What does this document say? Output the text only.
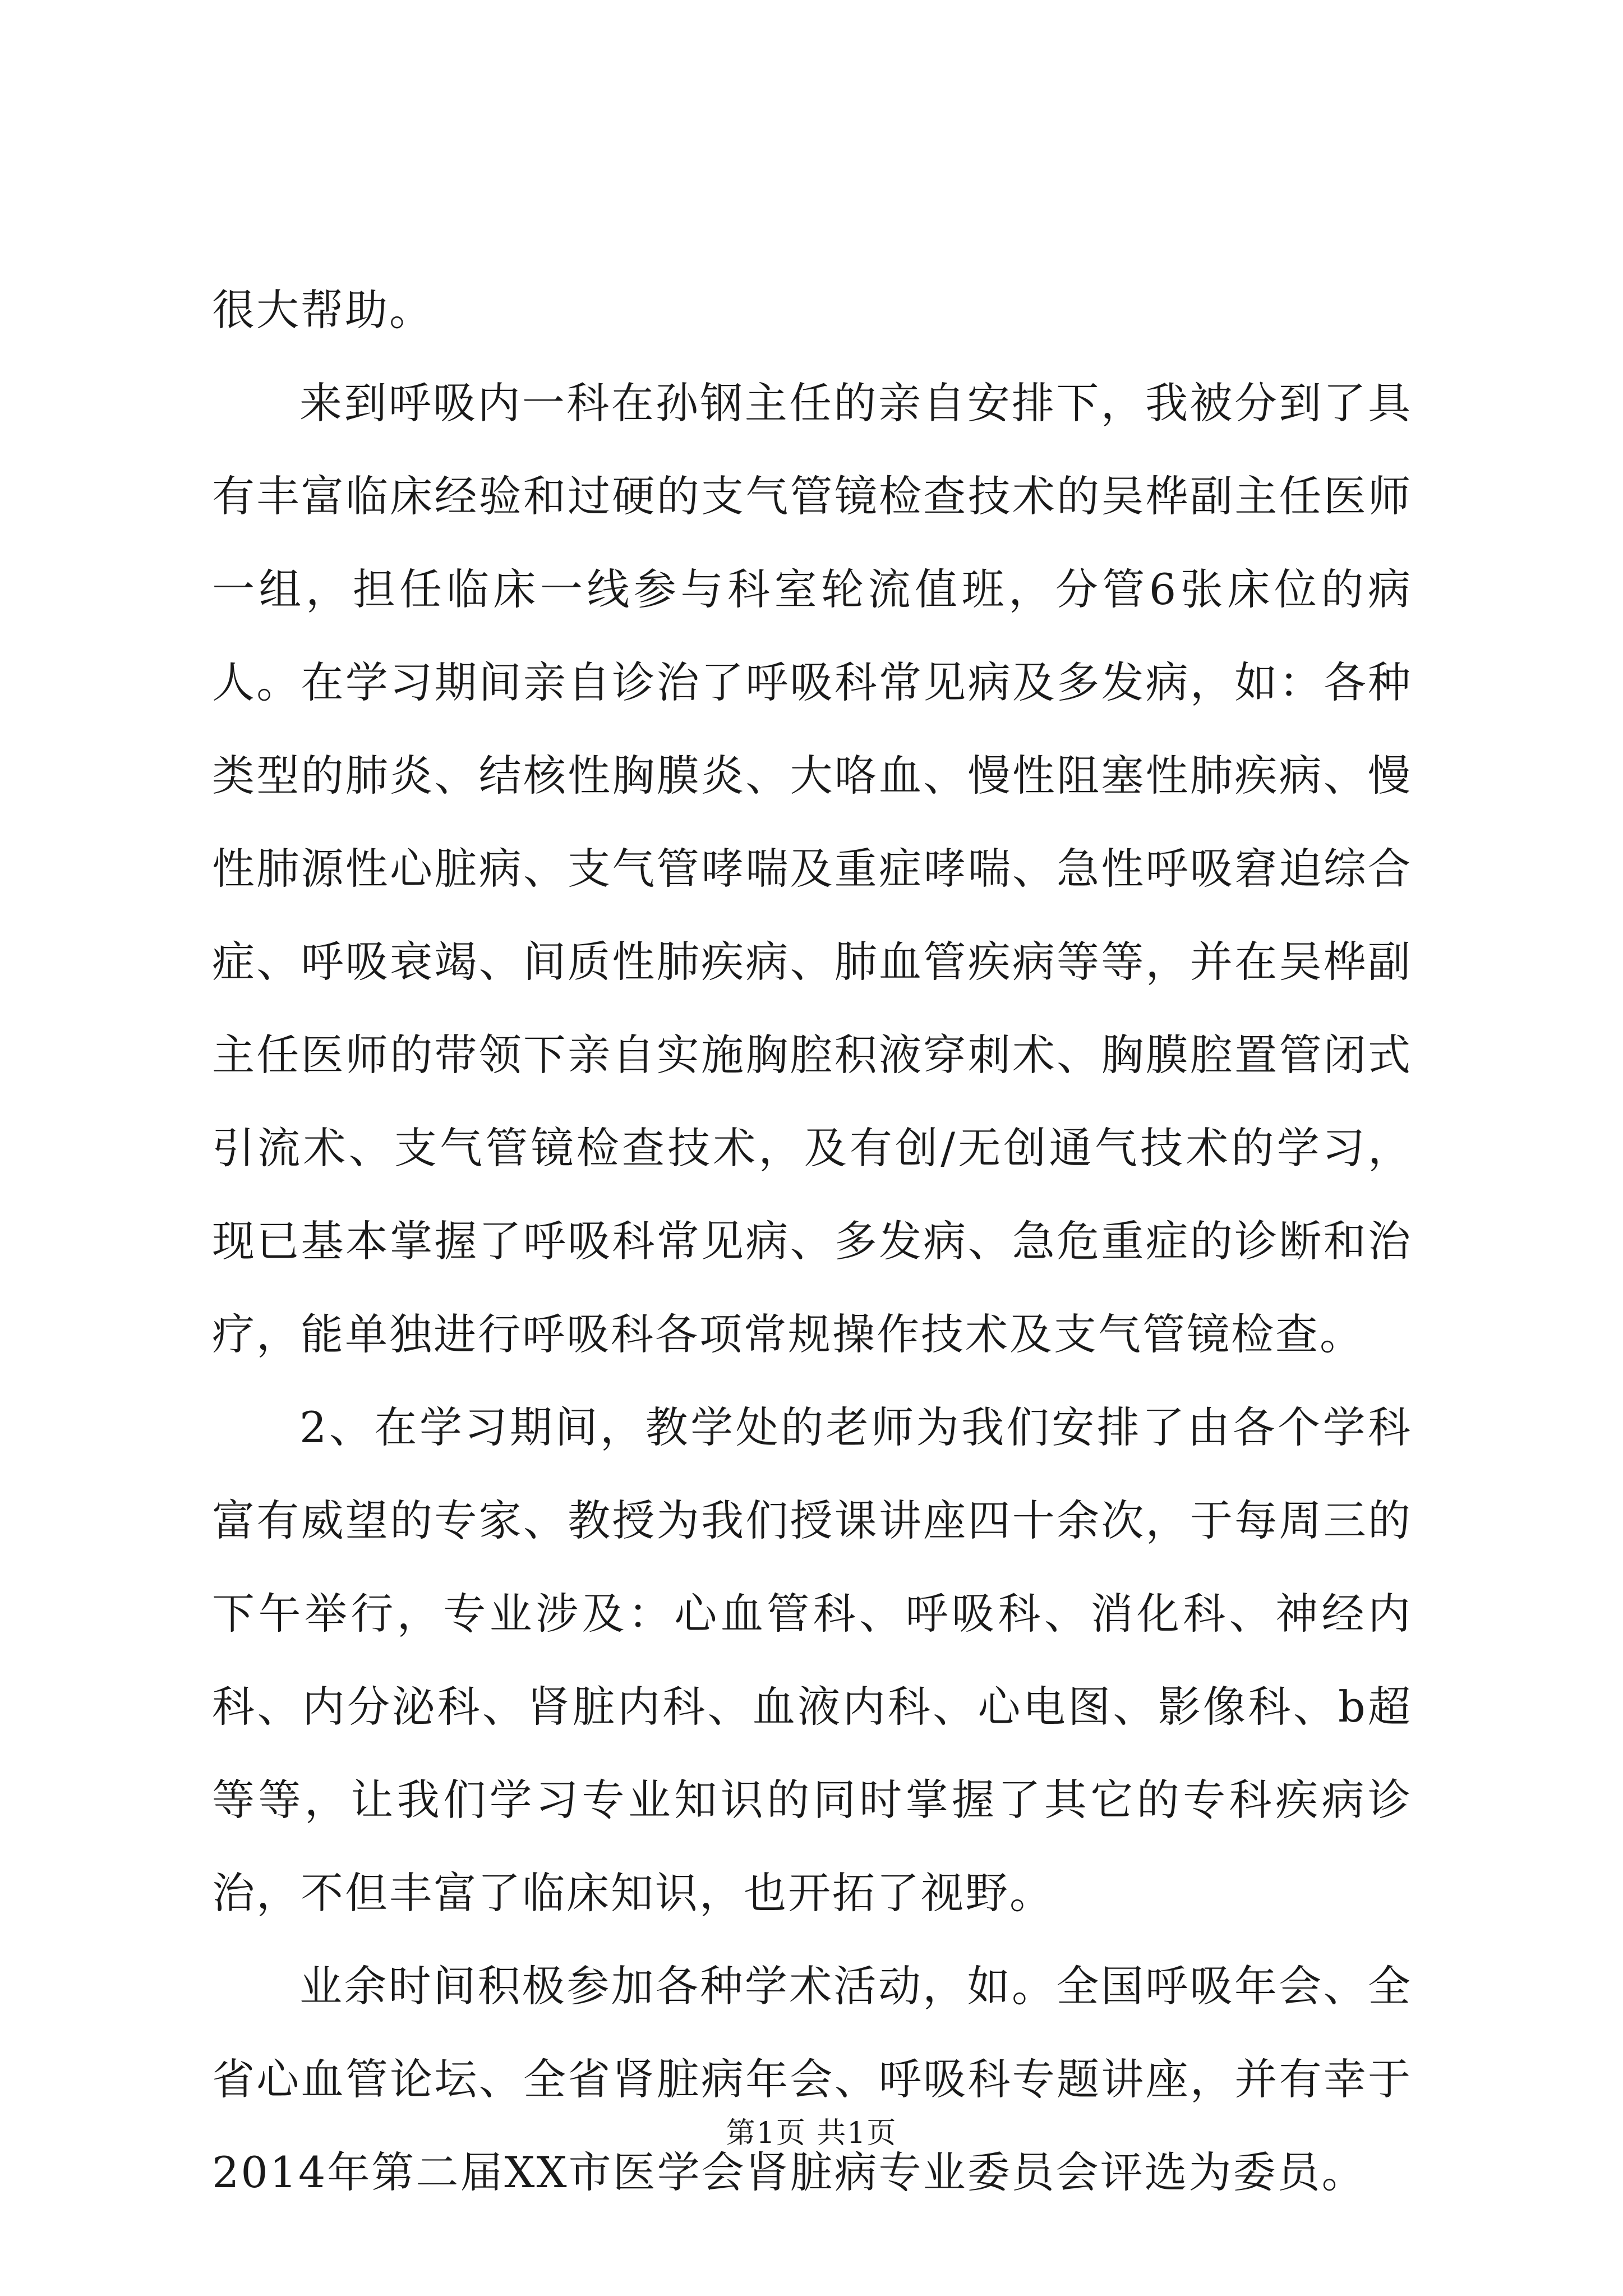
很大帮助。

来到呼吸内一科在孙钢主任的亲自安排下，我被分到了具有丰富临床经验和过硬的支气管镜检查技术的吴桦副主任医师一组，担任临床一线参与科室轮流值班，分管6张床位的病人。在学习期间亲自诊治了呼吸科常见病及多发病，如：各种类型的肺炎、结核性胸膜炎、大咯血、慢性阻塞性肺疾病、慢性肺源性心脏病、支气管哮喘及重症哮喘、急性呼吸窘迫综合症、呼吸衰竭、间质性肺疾病、肺血管疾病等等，并在吴桦副主任医师的带领下亲自实施胸腔积液穿刺术、胸膜腔置管闭式引流术、支气管镜检查技术，及有创/无创通气技术的学习，现已基本掌握了呼吸科常见病、多发病、急危重症的诊断和治疗，能单独进行呼吸科各项常规操作技术及支气管镜检查。

2、在学习期间，教学处的老师为我们安排了由各个学科富有威望的专家、教授为我们授课讲座四十余次，于每周三的下午举行，专业涉及：心血管科、呼吸科、消化科、神经内科、内分泌科、肾脏内科、血液内科、心电图、影像科、b超等等，让我们学习专业知识的同时掌握了其它的专科疾病诊治，不但丰富了临床知识，也开拓了视野。

业余时间积极参加各种学术活动，如。全国呼吸年会、全省心血管论坛、全省肾脏病年会、呼吸科专题讲座，并有幸于2014年第二届XX市医学会肾脏病专业委员会评选为委员。

第1页 共1页
